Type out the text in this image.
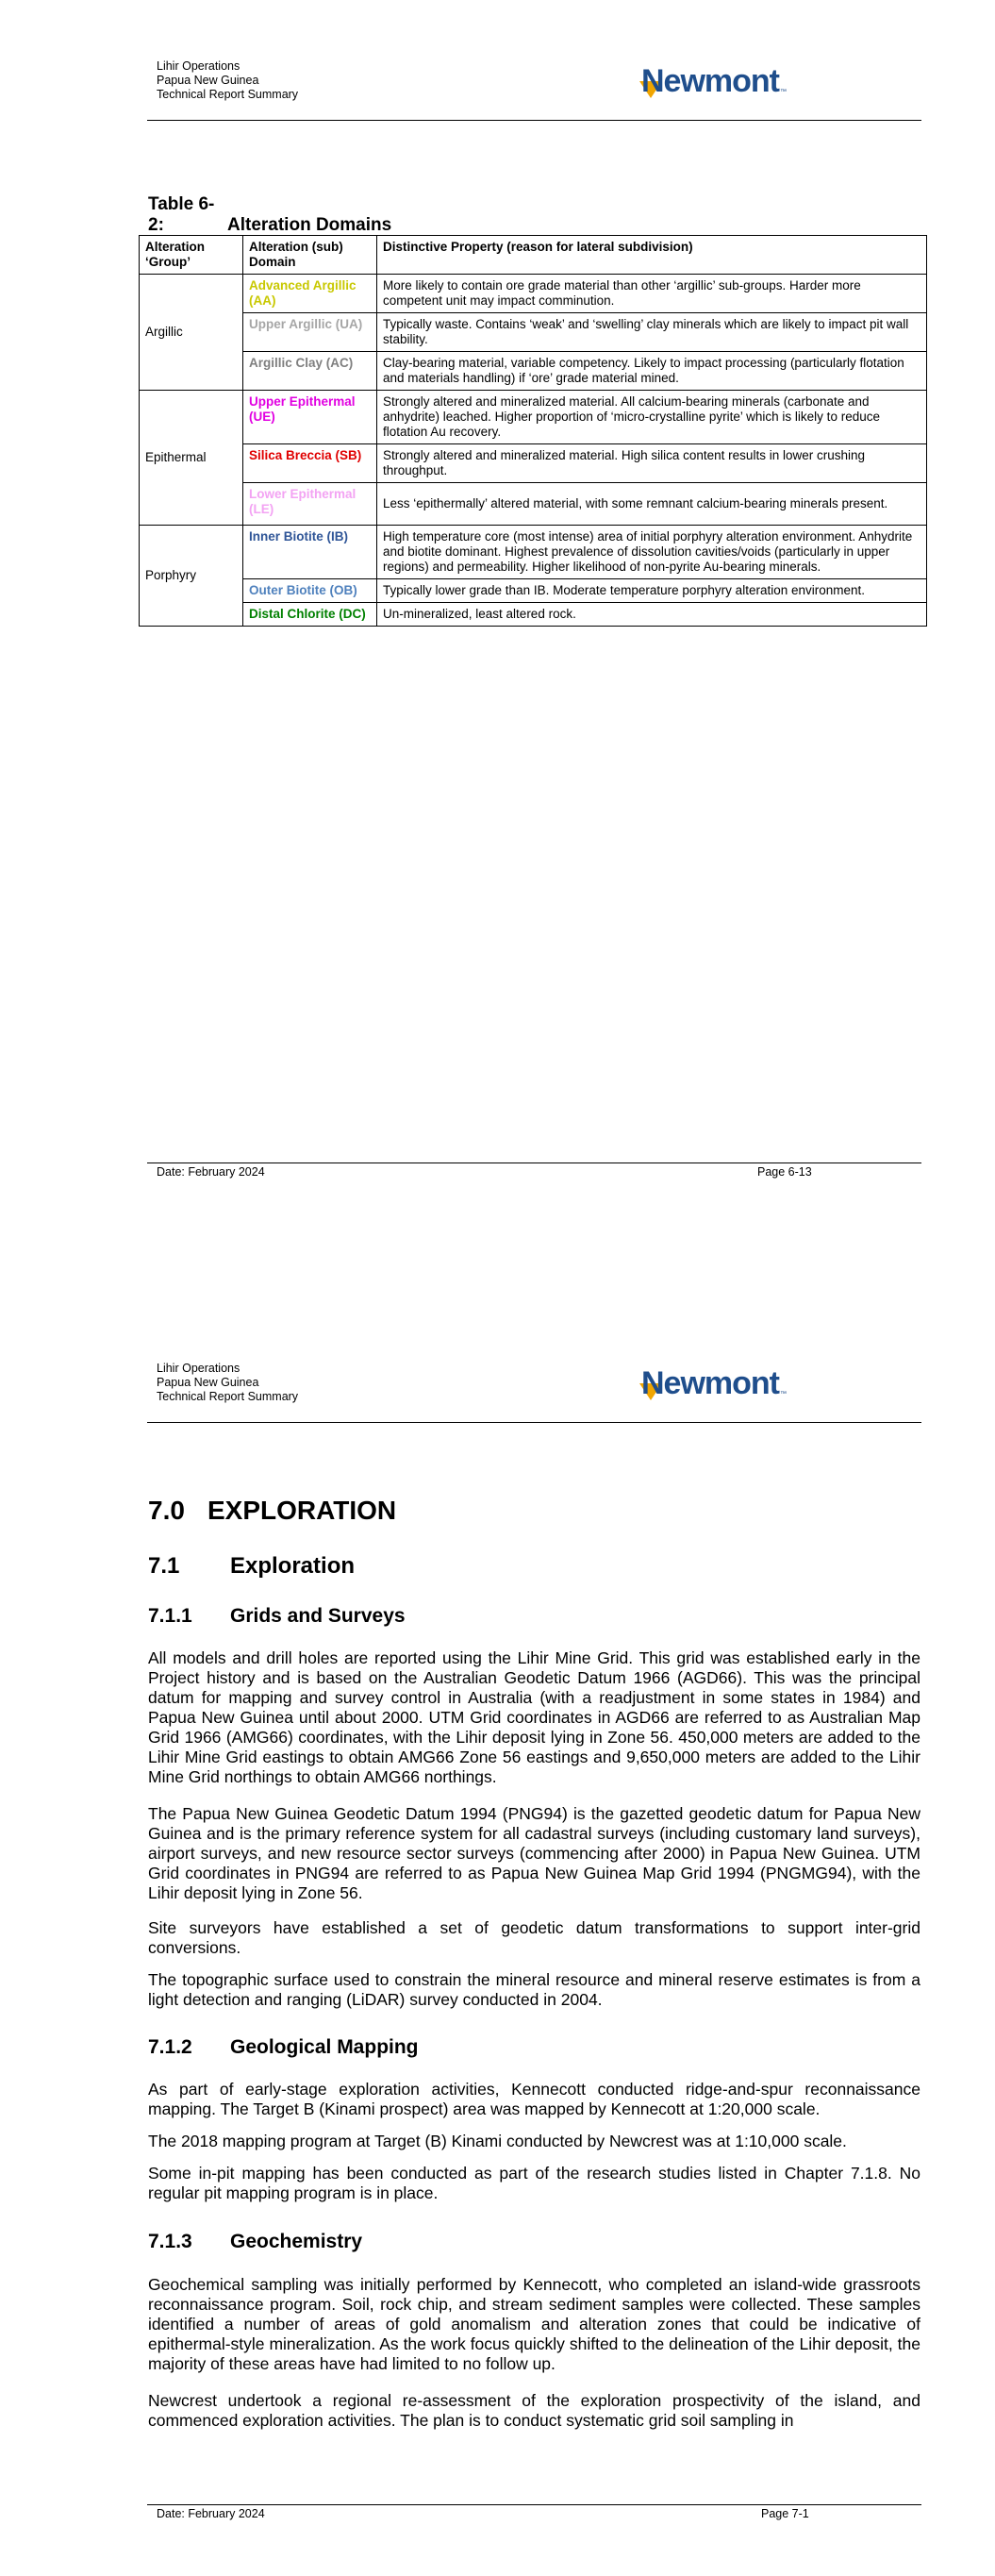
Lihir Operations
Papua New Guinea
Technical Report Summary	Newmont ™
Table 6-2:	Alteration Domains
Alteration ‘Group’	Alteration (sub) Domain	Distinctive Property (reason for lateral subdivision)
Argillic	Advanced Argillic (AA)	More likely to contain ore grade material than other ‘argillic’ sub-groups. Harder more competent unit may impact comminution.
	Upper Argillic (UA)	Typically waste. Contains ‘weak’ and ‘swelling’ clay minerals which are likely to impact pit wall stability.
	Argillic Clay (AC)	Clay-bearing material, variable competency. Likely to impact processing (particularly flotation and materials handling) if ‘ore’ grade material mined.
Epithermal	Upper Epithermal (UE)	Strongly altered and mineralized material. All calcium-bearing minerals (carbonate and anhydrite) leached. Higher proportion of ‘micro-crystalline pyrite’ which is likely to reduce flotation Au recovery.
	Silica Breccia (SB)	Strongly altered and mineralized material. High silica content results in lower crushing throughput.
	Lower Epithermal (LE)	Less ‘epithermally’ altered material, with some remnant calcium-bearing minerals present.
Porphyry	Inner Biotite (IB)	High temperature core (most intense) area of initial porphyry alteration environment. Anhydrite and biotite dominant. Highest prevalence of dissolution cavities/voids (particularly in upper regions) and permeability. Higher likelihood of non-pyrite Au-bearing minerals.
	Outer Biotite (OB)	Typically lower grade than IB. Moderate temperature porphyry alteration environment.
	Distal Chlorite (DC)	Un-mineralized, least altered rock.
Date: February 2024	Page 6-13
Lihir Operations
Papua New Guinea
Technical Report Summary	Newmont ™
7.0 EXPLORATION
7.1 Exploration
7.1.1 Grids and Surveys

All models and drill holes are reported using the Lihir Mine Grid. This grid was established early in the Project history and is based on the Australian Geodetic Datum 1966 (AGD66). This was the principal datum for mapping and survey control in Australia (with a readjustment in some states in 1984) and Papua New Guinea until about 2000. UTM Grid coordinates in AGD66 are referred to as Australian Map Grid 1966 (AMG66) coordinates, with the Lihir deposit lying in Zone 56. 450,000 meters are added to the Lihir Mine Grid eastings to obtain AMG66 Zone 56 eastings and 9,650,000 meters are added to the Lihir Mine Grid northings to obtain AMG66 northings.

The Papua New Guinea Geodetic Datum 1994 (PNG94) is the gazetted geodetic datum for Papua New Guinea and is the primary reference system for all cadastral surveys (including customary land surveys), airport surveys, and new resource sector surveys (commencing after 2000) in Papua New Guinea. UTM Grid coordinates in PNG94 are referred to as Papua New Guinea Map Grid 1994 (PNGMG94), with the Lihir deposit lying in Zone 56.

Site surveyors have established a set of geodetic datum transformations to support inter-grid conversions.

The topographic surface used to constrain the mineral resource and mineral reserve estimates is from a light detection and ranging (LiDAR) survey conducted in 2004.

7.1.2 Geological Mapping

As part of early-stage exploration activities, Kennecott conducted ridge-and-spur reconnaissance mapping. The Target B (Kinami prospect) area was mapped by Kennecott at 1:20,000 scale.

The 2018 mapping program at Target (B) Kinami conducted by Newcrest was at 1:10,000 scale.

Some in-pit mapping has been conducted as part of the research studies listed in Chapter 7.1.8. No regular pit mapping program is in place.

7.1.3 Geochemistry

Geochemical sampling was initially performed by Kennecott, who completed an island-wide grassroots reconnaissance program. Soil, rock chip, and stream sediment samples were collected. These samples identified a number of areas of gold anomalism and alteration zones that could be indicative of epithermal-style mineralization. As the work focus quickly shifted to the delineation of the Lihir deposit, the majority of these areas have had limited to no follow up.

Newcrest undertook a regional re-assessment of the exploration prospectivity of the island, and commenced exploration activities. The plan is to conduct systematic grid soil sampling in

Date: February 2024	Page 7-1
